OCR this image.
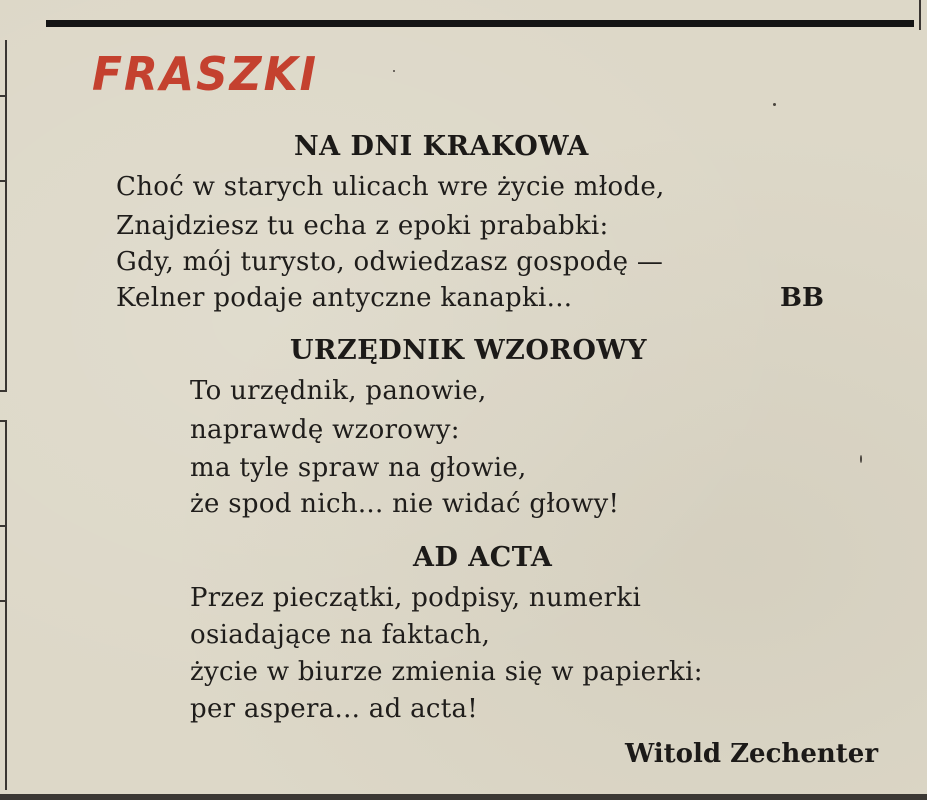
FRASZKI
NA DNI KRAKOWA
Choć w starych ulicach wre życie młode,
Znajdziesz tu echa z epoki prababki:
Gdy, mój turysto, odwiedzasz gospodę —
Kelner podaje antyczne kanapki...	BB
URZĘDNIK WZOROWY
To urzędnik, panowie,
naprawdę wzorowy:
ma tyle spraw na głowie,
że spod nich... nie widać głowy!
AD ACTA
Przez pieczątki, podpisy, numerki
osiadające na faktach,
życie w biurze zmienia się w papierki:
per aspera... ad acta!
Witold Zechenter
